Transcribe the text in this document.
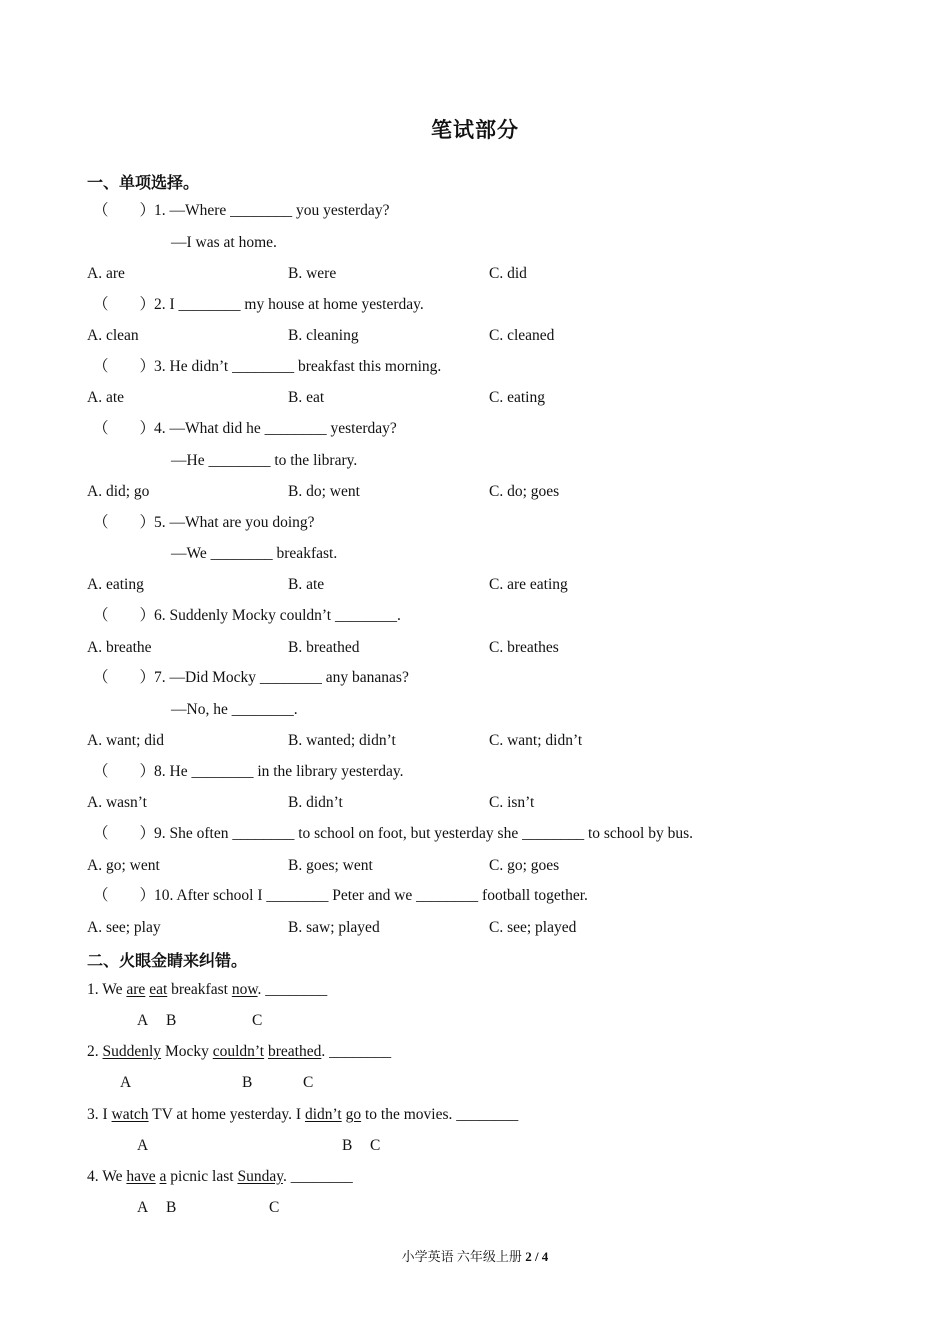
笔试部分
一、单项选择。
（　　）
1. —Where ________ you yesterday?
—I was at home.
A. are	B. were	C. did
（　　）
2. I ________ my house at home yesterday.
A. clean	B. cleaning	C. cleaned
（　　）
3. He didn’t ________ breakfast this morning.
A. ate	B. eat	C. eating
（　　）
4. —What did he ________ yesterday?
—He ________ to the library.
A. did; go	B. do; went	C. do; goes
（　　）
5. —What are you doing?
—We ________ breakfast.
A. eating	B. ate	C. are eating
（　　）
6. Suddenly Mocky couldn’t ________.
A. breathe	B. breathed	C. breathes
（　　）
7. —Did Mocky ________ any bananas?
—No, he ________.
A. want; did	B. wanted; didn’t	C. want; didn’t
（　　）
8. He ________ in the library yesterday.
A. wasn’t	B. didn’t	C. isn’t
（　　）
9. She often ________ to school on foot, but yesterday she ________ to school by bus.
A. go; went	B. goes; went	C. go; goes
（　　）
10. After school I ________ Peter and we ________ football together.
A. see; play	B. saw; played	C. see; played
二、火眼金睛来纠错。
1. We are eat breakfast now. ________
A B	C
2. Suddenly Mocky couldn’t breathed. ________
A	B	C
3. I watch TV at home yesterday. I didn’t go to the movies. ________
A	B C
4. We have a picnic last Sunday. ________
A B	C
小学英语 六年级上册 2 / 4
